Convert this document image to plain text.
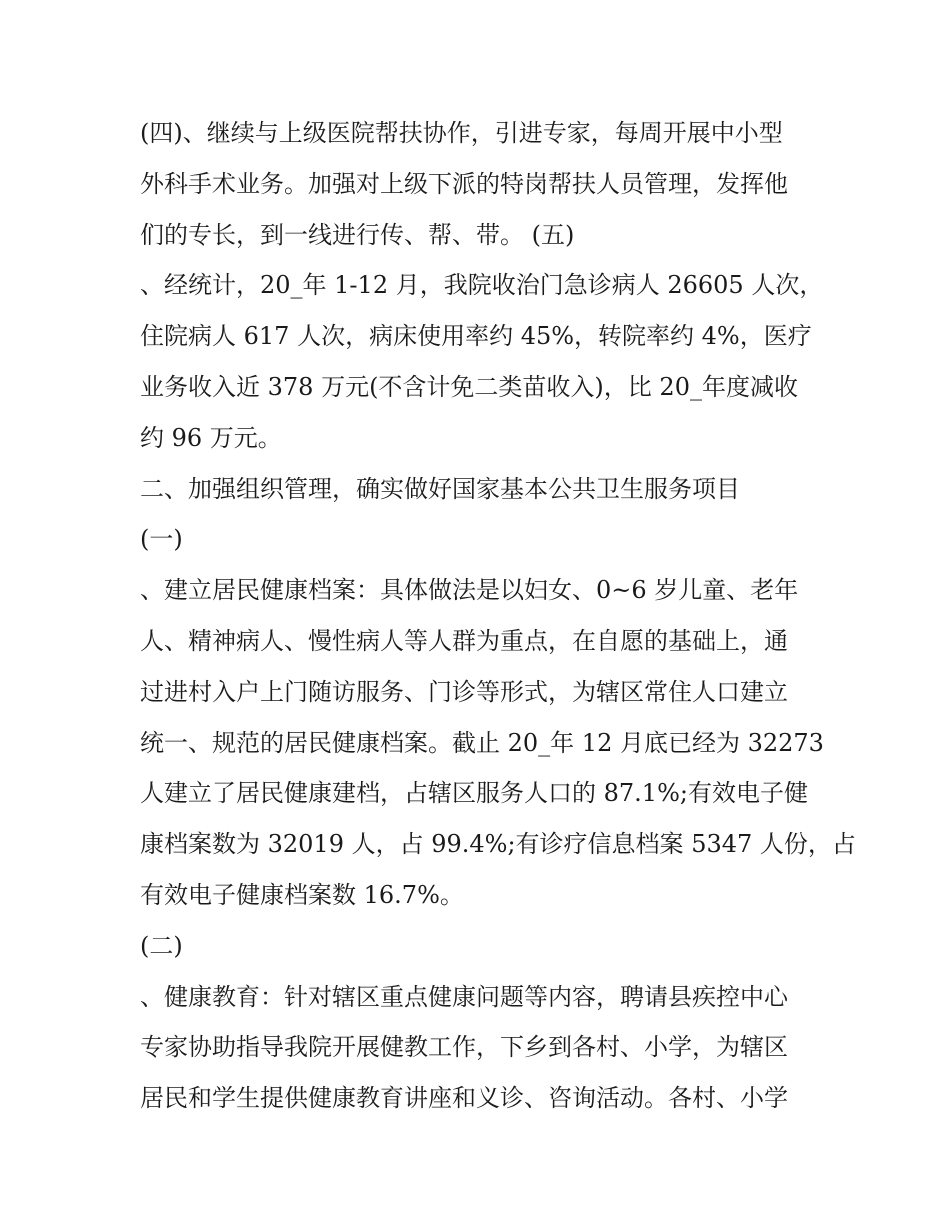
(四)、继续与上级医院帮扶协作，引进专家，每周开展中小型
外科手术业务。加强对上级下派的特岗帮扶人员管理，发挥他
们的专长，到一线进行传、帮、带。 (五)
、经统计，20_年 1-12 月，我院收治门急诊病人 26605 人次，
住院病人 617 人次，病床使用率约 45%，转院率约 4%，医疗
业务收入近 378 万元(不含计免二类苗收入)，比 20_年度减收
约 96 万元。
二、加强组织管理，确实做好国家基本公共卫生服务项目
(一)
、建立居民健康档案：具体做法是以妇女、0~6 岁儿童、老年
人、精神病人、慢性病人等人群为重点，在自愿的基础上，通
过进村入户上门随访服务、门诊等形式，为辖区常住人口建立
统一、规范的居民健康档案。截止 20_年 12 月底已经为 32273
人建立了居民健康建档，占辖区服务人口的 87.1%;有效电子健
康档案数为 32019 人，占 99.4%;有诊疗信息档案 5347 人份，占
有效电子健康档案数 16.7%。
(二)
、健康教育：针对辖区重点健康问题等内容，聘请县疾控中心
专家协助指导我院开展健教工作，下乡到各村、小学，为辖区
居民和学生提供健康教育讲座和义诊、咨询活动。各村、小学
